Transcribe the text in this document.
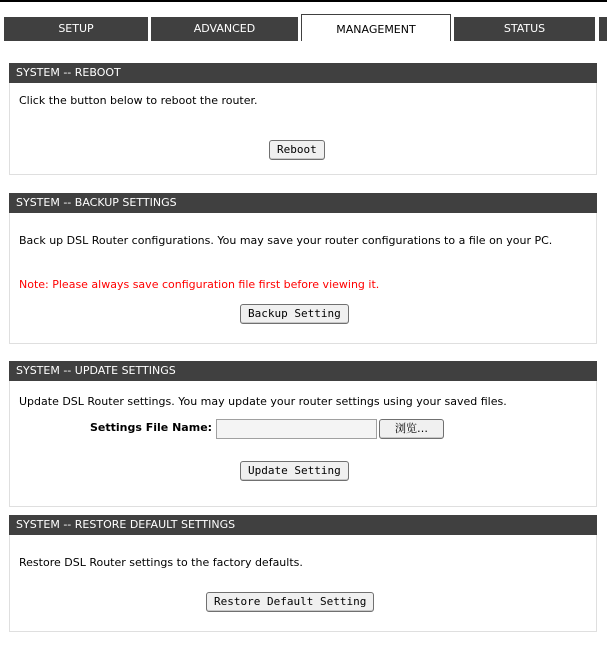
SETUP	ADVANCED	MANAGEMENT	STATUS
SYSTEM -- REBOOT
Click the button below to reboot the router.
Reboot
SYSTEM -- BACKUP SETTINGS
Back up DSL Router configurations. You may save your router configurations to a file on your PC.
Note: Please always save configuration file first before viewing it.
Backup Setting
SYSTEM -- UPDATE SETTINGS
Update DSL Router settings. You may update your router settings using your saved files.
Settings File Name:	浏览…
Update Setting
SYSTEM -- RESTORE DEFAULT SETTINGS
Restore DSL Router settings to the factory defaults.
Restore Default Setting
